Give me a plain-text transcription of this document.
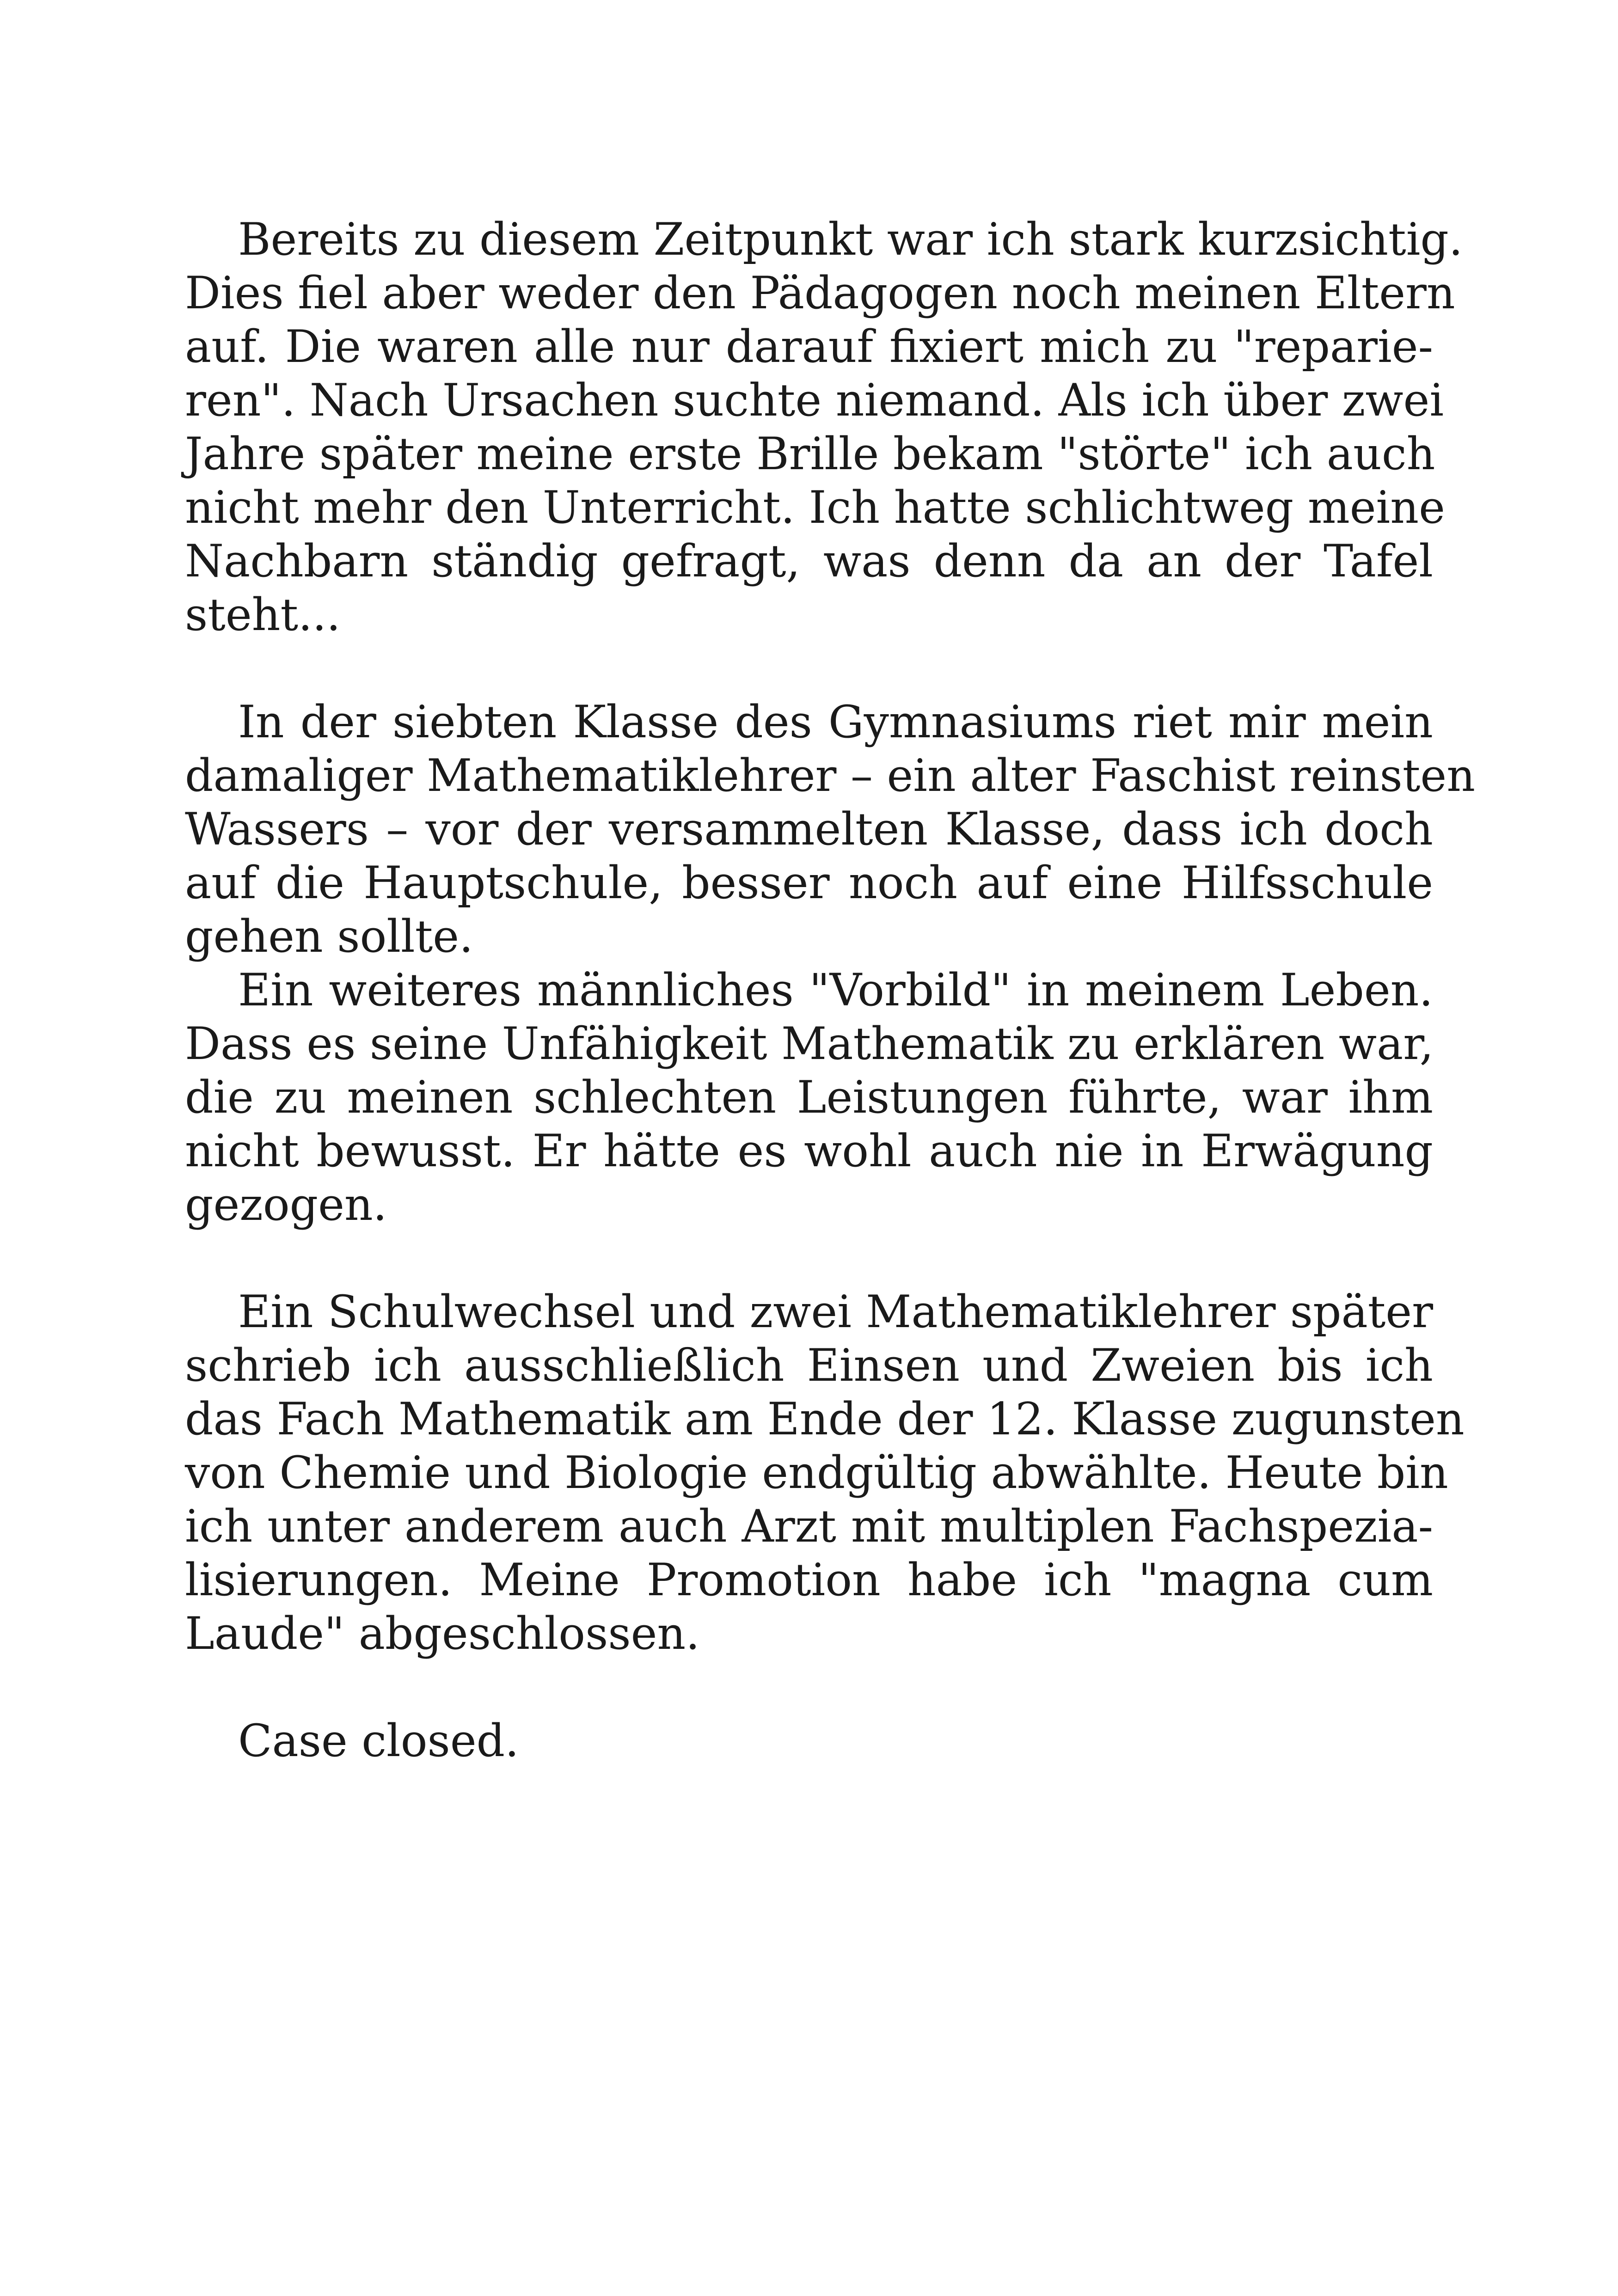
Bereits zu diesem Zeitpunkt war ich stark kurzsichtig.
Dies fiel aber weder den Pädagogen noch meinen Eltern
auf. Die waren alle nur darauf fixiert mich zu "reparie-
ren". Nach Ursachen suchte niemand. Als ich über zwei
Jahre später meine erste Brille bekam "störte" ich auch
nicht mehr den Unterricht. Ich hatte schlichtweg meine
Nachbarn ständig gefragt, was denn da an der Tafel
steht...
In der siebten Klasse des Gymnasiums riet mir mein
damaliger Mathematiklehrer – ein alter Faschist reinsten
Wassers – vor der versammelten Klasse, dass ich doch
auf die Hauptschule, besser noch auf eine Hilfsschule
gehen sollte.
Ein weiteres männliches "Vorbild" in meinem Leben.
Dass es seine Unfähigkeit Mathematik zu erklären war,
die zu meinen schlechten Leistungen führte, war ihm
nicht bewusst. Er hätte es wohl auch nie in Erwägung
gezogen.
Ein Schulwechsel und zwei Mathematiklehrer später
schrieb ich ausschließlich Einsen und Zweien bis ich
das Fach Mathematik am Ende der 12. Klasse zugunsten
von Chemie und Biologie endgültig abwählte. Heute bin
ich unter anderem auch Arzt mit multiplen Fachspezia-
lisierungen. Meine Promotion habe ich "magna cum
Laude" abgeschlossen.
Case closed.
